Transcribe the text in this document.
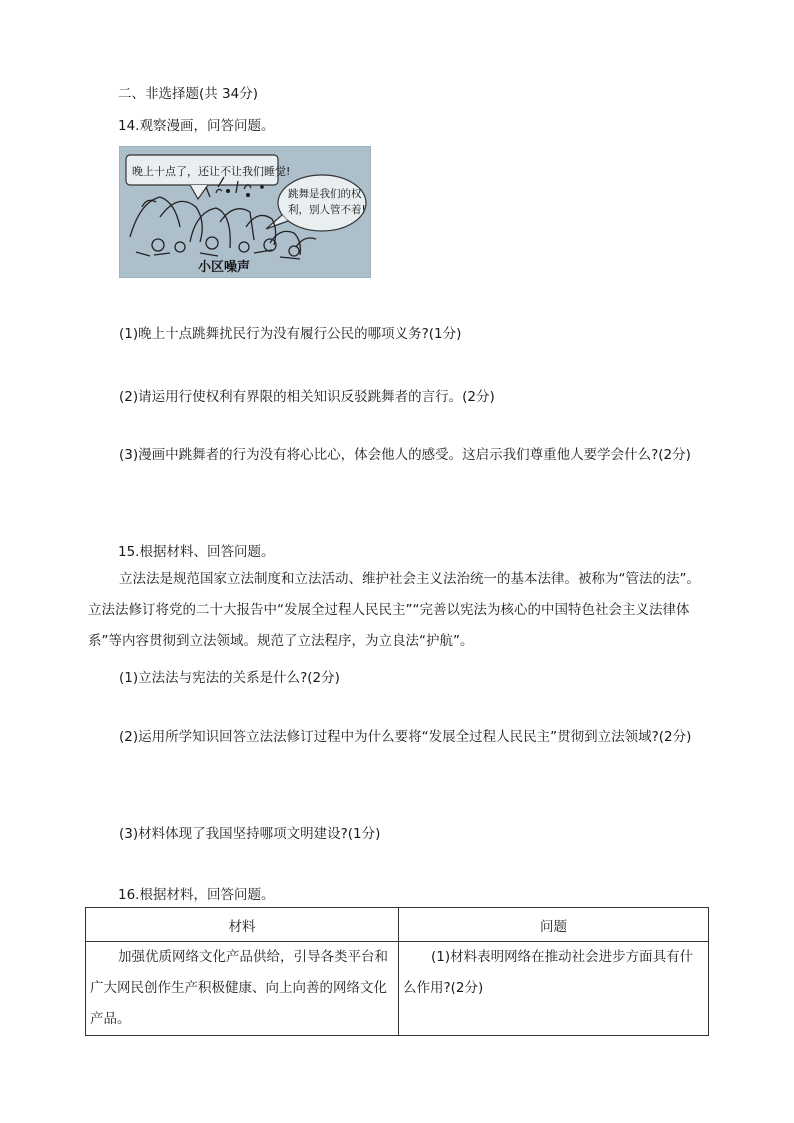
二、非选择题(共 34分)
14.观察漫画，问答问题。
晚上十点了，还让不让我们睡觉!
跳舞是我们的权
利，别人管不着!
小区噪声
(1)晚上十点跳舞扰民行为没有履行公民的哪项义务?(1分)
(2)请运用行使权利有界限的相关知识反驳跳舞者的言行。(2分)
(3)漫画中跳舞者的行为没有将心比心，体会他人的感受。这启示我们尊重他人要学会什么?(2分)
15.根据材料、回答问题。
立法法是规范国家立法制度和立法活动、维护社会主义法治统一的基本法律。被称为“管法的法”。立法法修订将党的二十大报告中“发展全过程人民民主”“完善以宪法为核心的中国特色社会主义法律体系”等内容贯彻到立法领域。规范了立法程序，为立良法“护航”。
(1)立法法与宪法的关系是什么?(2分)
(2)运用所学知识回答立法法修订过程中为什么要将“发展全过程人民民主”贯彻到立法领域?(2分)
(3)材料体现了我国坚持哪项文明建设?(1分)
16.根据材料，回答问题。
材料	问题
加强优质网络文化产品供给，引导各类平台和广大网民创作生产积极健康、向上向善的网络文化产品。	(1)材料表明网络在推动社会进步方面具有什么作用?(2分)
